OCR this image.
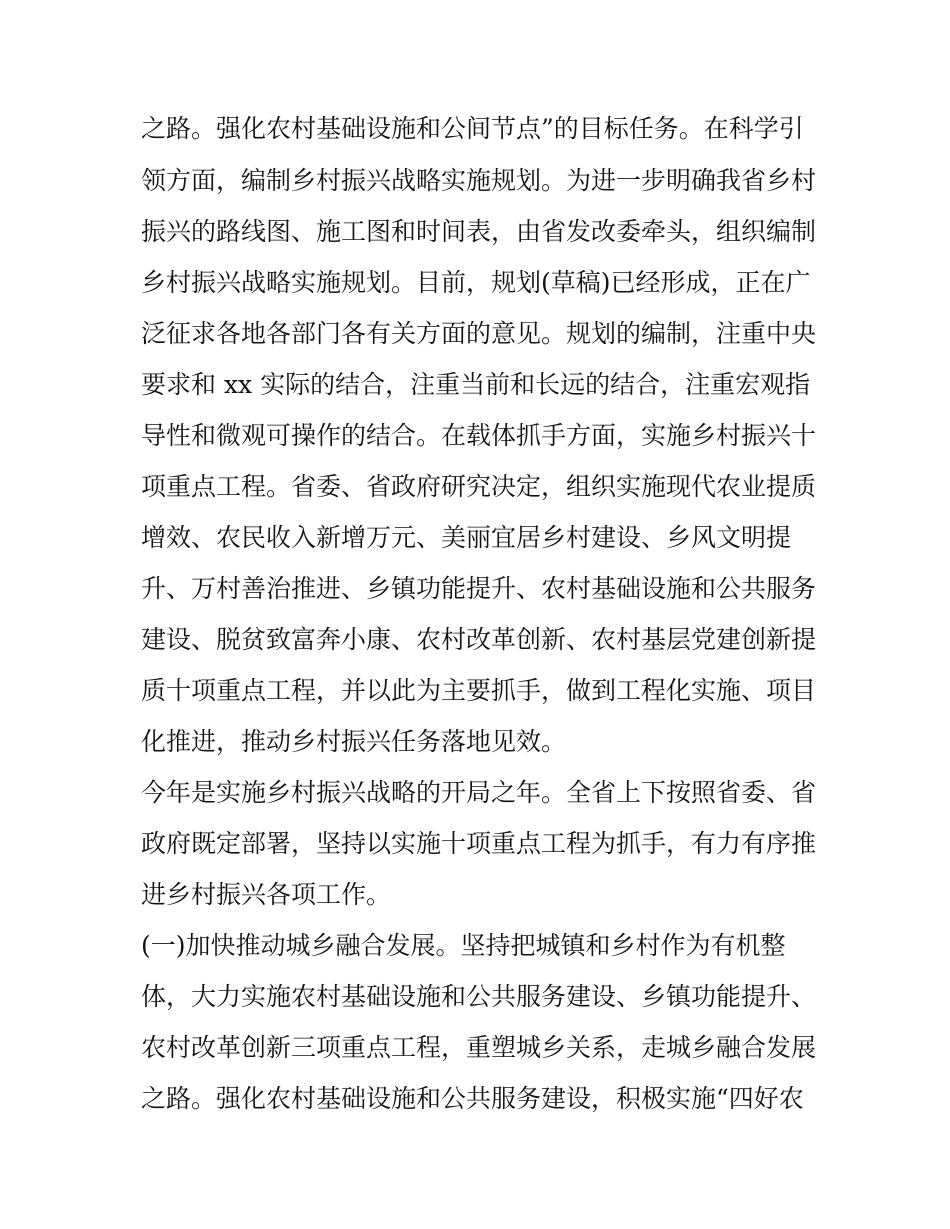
之路。强化农村基础设施和公间节点”的目标任务。在科学引

领方面，编制乡村振兴战略实施规划。为进一步明确我省乡村

振兴的路线图、施工图和时间表，由省发改委牵头，组织编制

乡村振兴战略实施规划。目前，规划(草稿)已经形成，正在广

泛征求各地各部门各有关方面的意见。规划的编制，注重中央

要求和 xx 实际的结合，注重当前和长远的结合，注重宏观指

导性和微观可操作的结合。在载体抓手方面，实施乡村振兴十

项重点工程。省委、省政府研究决定，组织实施现代农业提质

增效、农民收入新增万元、美丽宜居乡村建设、乡风文明提

升、万村善治推进、乡镇功能提升、农村基础设施和公共服务

建设、脱贫致富奔小康、农村改革创新、农村基层党建创新提

质十项重点工程，并以此为主要抓手，做到工程化实施、项目

化推进，推动乡村振兴任务落地见效。

今年是实施乡村振兴战略的开局之年。全省上下按照省委、省

政府既定部署，坚持以实施十项重点工程为抓手，有力有序推

进乡村振兴各项工作。

(一)加快推动城乡融合发展。坚持把城镇和乡村作为有机整

体，大力实施农村基础设施和公共服务建设、乡镇功能提升、

农村改革创新三项重点工程，重塑城乡关系，走城乡融合发展

之路。强化农村基础设施和公共服务建设，积极实施“四好农
